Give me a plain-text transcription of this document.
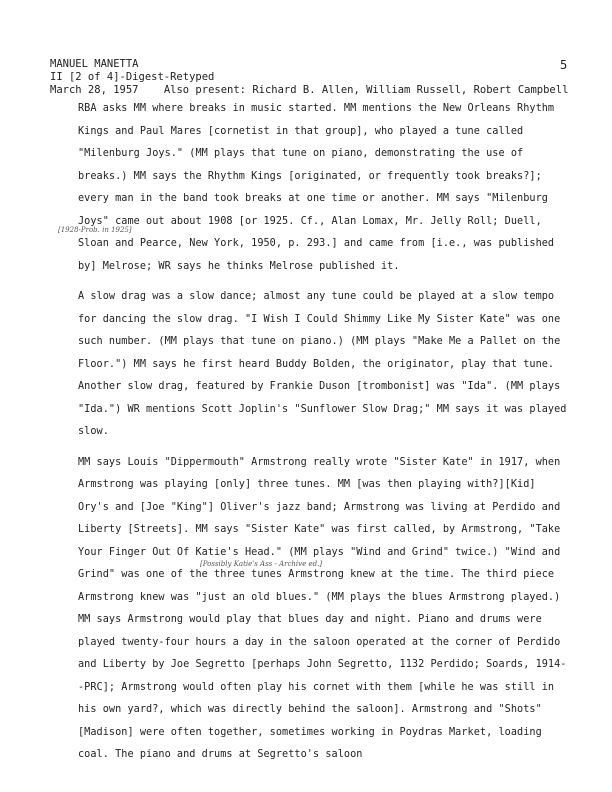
MANUEL MANETTA
II [2 of 4]-Digest-Retyped
March 28, 1957 Also present: Richard B. Allen, William Russell, Robert Campbell
5
[1928-Prob. in 1925]
[Possibly Katie's Ass - Archive ed.]

RBA asks MM where breaks in music started. MM mentions the New Orleans Rhythm Kings and Paul Mares [cornetist in that group], who played a tune called "Milenburg Joys." (MM plays that tune on piano, demonstrating the use of breaks.) MM says the Rhythm Kings [originated, or frequently took breaks?]; every man in the band took breaks at one time or another. MM says "Milenburg Joys" came out about 1908 [or 1925. Cf., Alan Lomax, Mr. Jelly Roll; Duell, Sloan and Pearce, New York, 1950, p. 293.] and came from [i.e., was published by] Melrose; WR says he thinks Melrose published it.

A slow drag was a slow dance; almost any tune could be played at a slow tempo for dancing the slow drag. "I Wish I Could Shimmy Like My Sister Kate" was one such number. (MM plays that tune on piano.) (MM plays "Make Me a Pallet on the Floor.") MM says he first heard Buddy Bolden, the originator, play that tune. Another slow drag, featured by Frankie Duson [trombonist] was "Ida". (MM plays "Ida.") WR mentions Scott Joplin's "Sunflower Slow Drag;" MM says it was played slow.

MM says Louis "Dippermouth" Armstrong really wrote "Sister Kate" in 1917, when Armstrong was playing [only] three tunes. MM [was then playing with?][Kid] Ory's and [Joe "King"] Oliver's jazz band; Armstrong was living at Perdido and Liberty [Streets]. MM says "Sister Kate" was first called, by Armstrong, "Take Your Finger Out Of Katie's Head." (MM plays "Wind and Grind" twice.) "Wind and Grind" was one of the three tunes Armstrong knew at the time. The third piece Armstrong knew was "just an old blues." (MM plays the blues Armstrong played.) MM says Armstrong would play that blues day and night. Piano and drums were played twenty-four hours a day in the saloon operated at the corner of Perdido and Liberty by Joe Segretto [perhaps John Segretto, 1132 Perdido; Soards, 1914--PRC]; Armstrong would often play his cornet with them [while he was still in his own yard?, which was directly behind the saloon]. Armstrong and "Shots" [Madison] were often together, sometimes working in Poydras Market, loading coal. The piano and drums at Segretto's saloon
